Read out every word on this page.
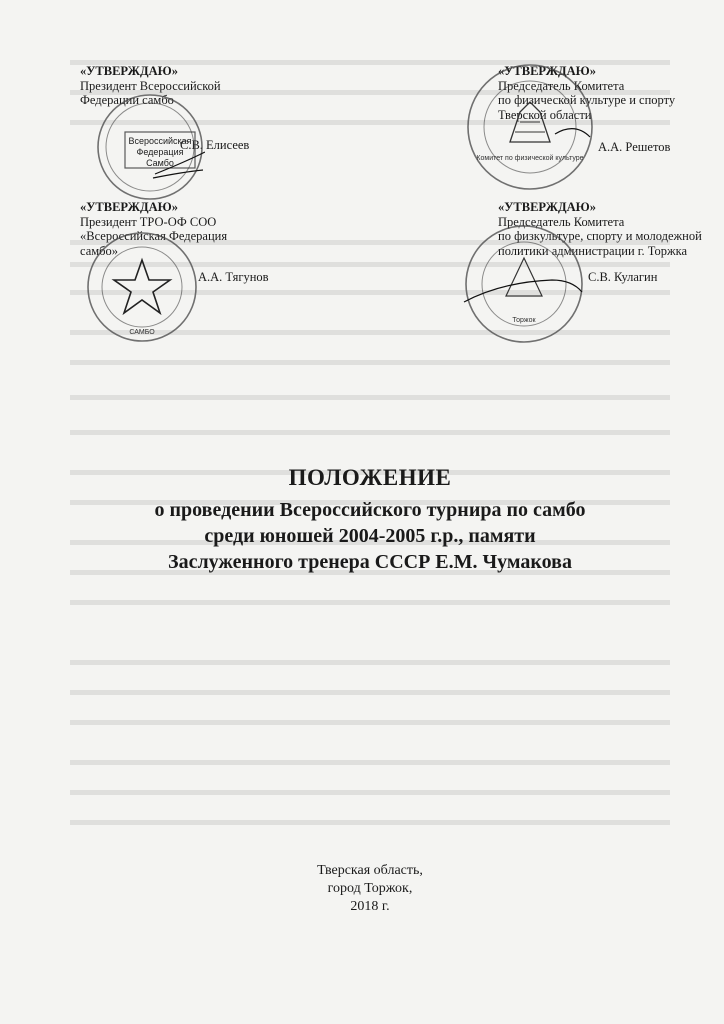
«УТВЕРЖДАЮ»
Президент Всероссийской
Федерации самбо
С.В. Елисеев
«УТВЕРЖДАЮ»
Председатель Комитета
по физической культуре и спорту
Тверской области
А.А. Решетов
«УТВЕРЖДАЮ»
Президент ТРО-ОФ СОО
«Всероссийская Федерация
самбо»
А.А. Тягунов
«УТВЕРЖДАЮ»
Председатель Комитета
по физкультуре, спорту и молодежной
политики администрации г. Торжка
С.В. Кулагин
Всероссийская
Федерация
Самбо	Комитет по физической культуре
САМБО
Торжок
ПОЛОЖЕНИЕ
о проведении Всероссийского турнира по самбо
среди юношей 2004-2005 г.р., памяти
Заслуженного тренера СССР Е.М. Чумакова
Тверская область,
город Торжок,
2018 г.
